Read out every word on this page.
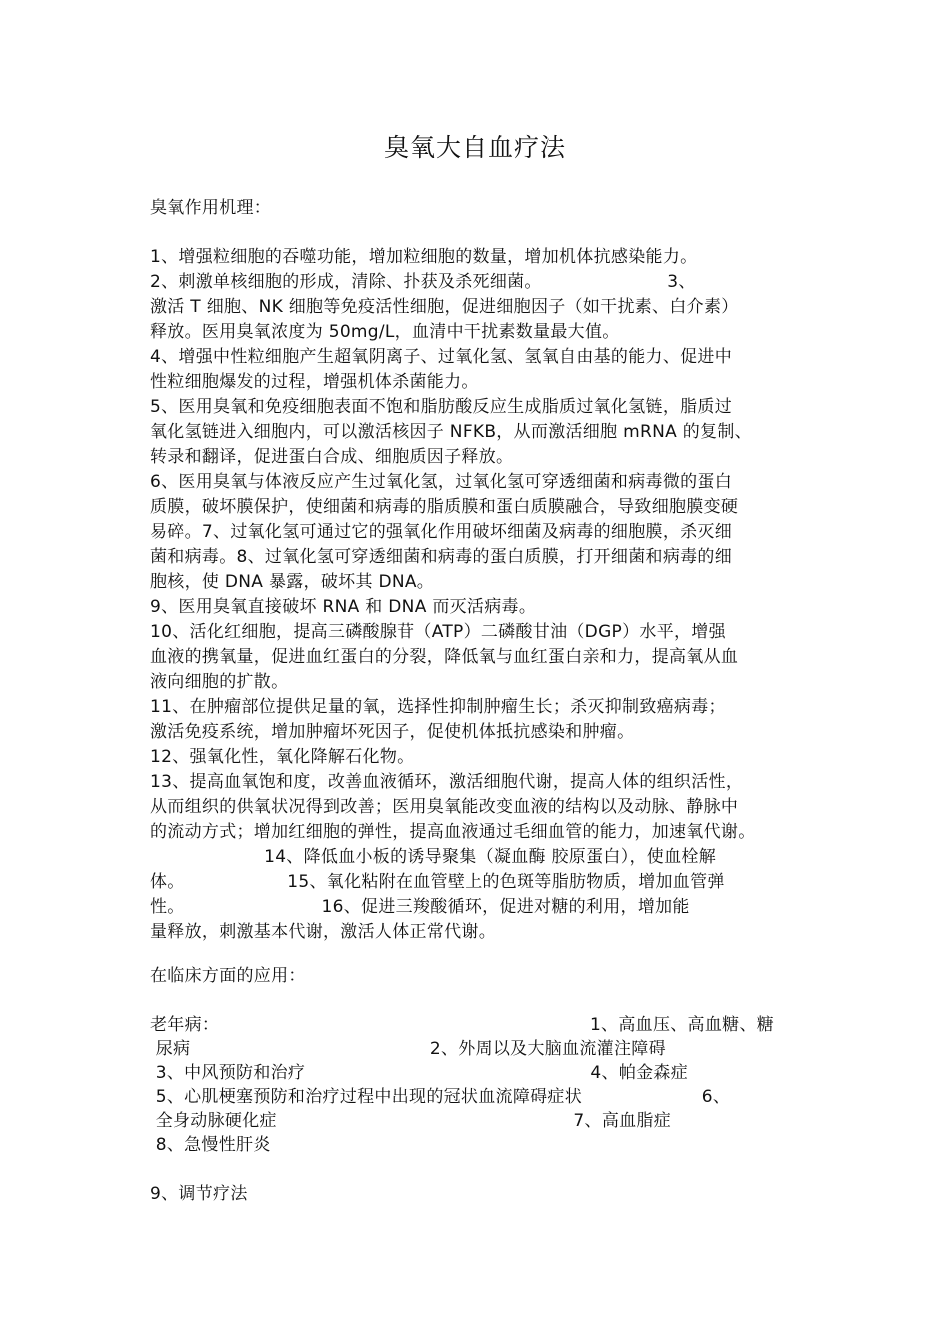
臭氧大自血疗法
臭氧作用机理：
1、增强粒细胞的吞噬功能，增加粒细胞的数量，增加机体抗感染能力。
2、刺激单核细胞的形成，清除、扑获及杀死细菌。                      3、
激活 T 细胞、NK 细胞等免疫活性细胞，促进细胞因子（如干扰素、白介素）
释放。医用臭氧浓度为 50mg/L，血清中干扰素数量最大值。
4、增强中性粒细胞产生超氧阴离子、过氧化氢、氢氧自由基的能力、促进中
性粒细胞爆发的过程，增强机体杀菌能力。
5、医用臭氧和免疫细胞表面不饱和脂肪酸反应生成脂质过氧化氢链，脂质过
氧化氢链进入细胞内，可以激活核因子 NFKB，从而激活细胞 mRNA 的复制、
转录和翻译，促进蛋白合成、细胞质因子释放。
6、医用臭氧与体液反应产生过氧化氢，过氧化氢可穿透细菌和病毒微的蛋白
质膜，破坏膜保护，使细菌和病毒的脂质膜和蛋白质膜融合，导致细胞膜变硬
易碎。7、过氧化氢可通过它的强氧化作用破坏细菌及病毒的细胞膜，杀灭细
菌和病毒。8、过氧化氢可穿透细菌和病毒的蛋白质膜，打开细菌和病毒的细
胞核，使 DNA 暴露，破坏其 DNA。
9、医用臭氧直接破坏 RNA 和 DNA 而灭活病毒。
10、活化红细胞，提高三磷酸腺苷（ATP）二磷酸甘油（DGP）水平，增强
血液的携氧量，促进血红蛋白的分裂，降低氧与血红蛋白亲和力，提高氧从血
液向细胞的扩散。
11、在肿瘤部位提供足量的氧，选择性抑制肿瘤生长；杀灭抑制致癌病毒；
激活免疫系统，增加肿瘤坏死因子，促使机体抵抗感染和肿瘤。
12、强氧化性，氧化降解石化物。
13、提高血氧饱和度，改善血液循环，激活细胞代谢，提高人体的组织活性，
从而组织的供氧状况得到改善；医用臭氧能改变血液的结构以及动脉、静脉中
的流动方式；增加红细胞的弹性，提高血液通过毛细血管的能力，加速氧代谢。
14、降低血小板的诱导聚集（凝血酶 胶原蛋白），使血栓解
体。                  15、氧化粘附在血管壁上的色斑等脂肪物质，增加血管弹
性。                        16、促进三羧酸循环，促进对糖的利用，增加能
量释放，刺激基本代谢，激活人体正常代谢。
在临床方面的应用：
老年病：                                                                 1、高血压、高血糖、糖
尿病                                          2、外周以及大脑血流灌注障碍
3、中风预防和治疗                                                  4、帕金森症
5、心肌梗塞预防和治疗过程中出现的冠状血流障碍症状                     6、
全身动脉硬化症                                                    7、高血脂症
8、急慢性肝炎
9、调节疗法
